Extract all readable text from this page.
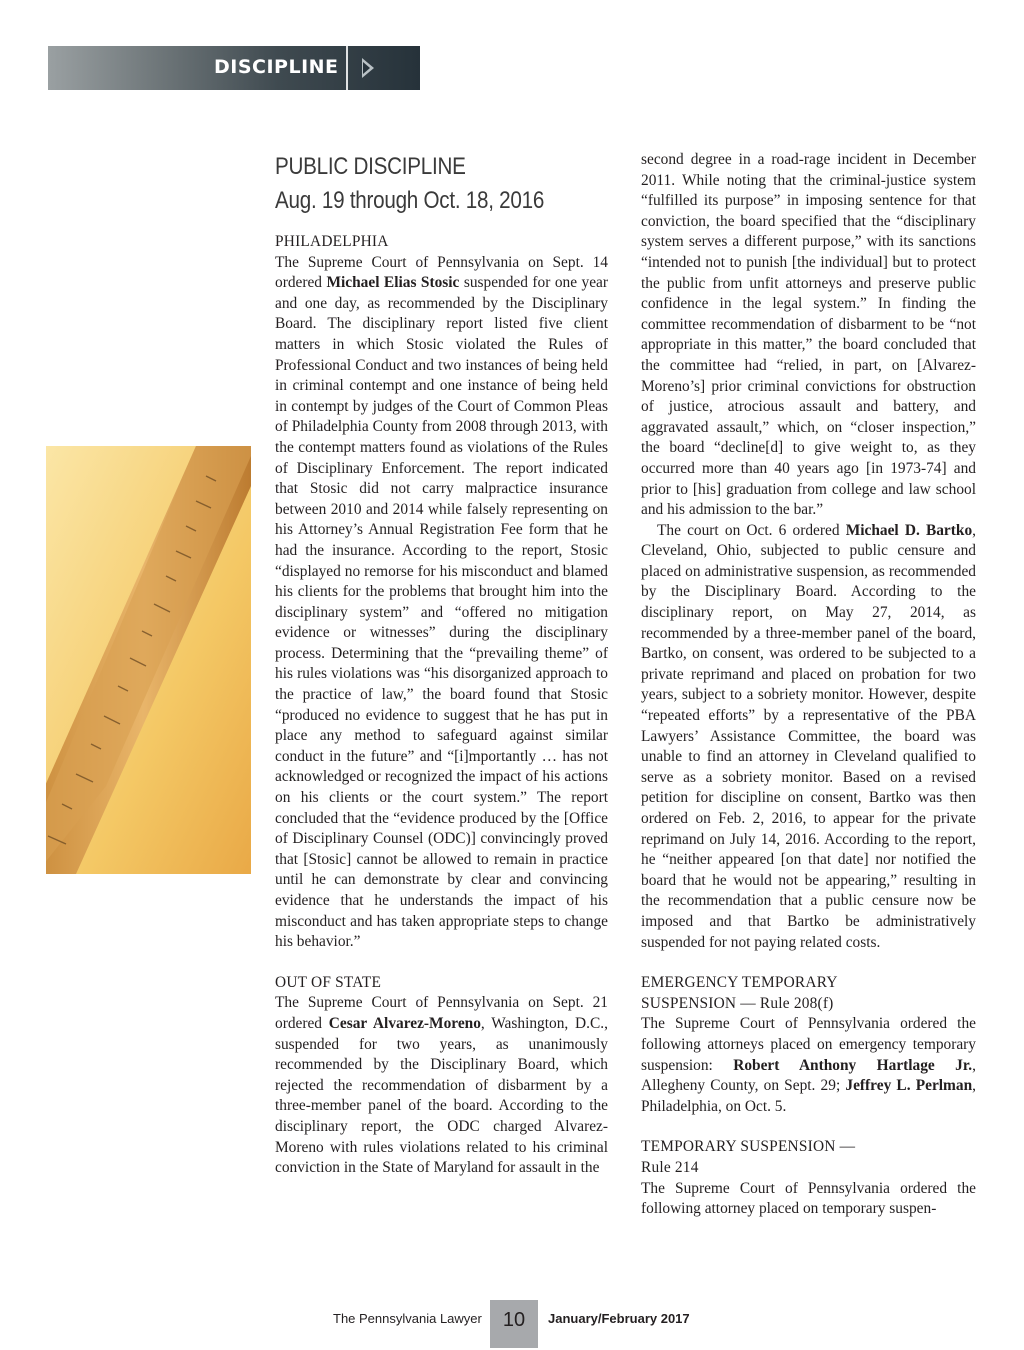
DISCIPLINE
PUBLIC DISCIPLINE
Aug. 19 through Oct. 18, 2016
PHILADELPHIA

The Supreme Court of Pennsylvania on Sept. 14 ordered Michael Elias Stosic suspended for one year and one day, as recommended by the Disciplinary Board. The disciplinary report listed five client matters in which Stosic violated the Rules of Professional Conduct and two instances of being held in criminal contempt and one instance of being held in contempt by judges of the Court of Common Pleas of Philadelphia County from 2008 through 2013, with the contempt matters found as violations of the Rules of Disciplinary Enforcement. The report indicated that Stosic did not carry malpractice insurance between 2010 and 2014 while falsely representing on his Attorney’s Annual Registration Fee form that he had the insurance. According to the report, Stosic “displayed no remorse for his misconduct and blamed his clients for the problems that brought him into the disciplinary system” and “offered no mitigation evidence or witnesses” during the disciplinary process. Determining that the “prevailing theme” of his rules violations was “his disorganized approach to the practice of law,” the board found that Stosic “produced no evidence to suggest that he has put in place any method to safeguard against similar conduct in the future” and “[i]mportantly … has not acknowledged or recognized the impact of his actions on his clients or the court system.” The report concluded that the “evidence produced by the [Office of Disciplinary Counsel (ODC)] convincingly proved that [Stosic] cannot be allowed to remain in practice until he can demonstrate by clear and convincing evidence that he understands the impact of his misconduct and has taken appropriate steps to change his behavior.”

OUT OF STATE

The Supreme Court of Pennsylvania on Sept. 21 ordered Cesar Alvarez-Moreno, Washington, D.C., suspended for two years, as unanimously recommended by the Disciplinary Board, which rejected the recommendation of disbarment by a three-member panel of the board. According to the disciplinary report, the ODC charged Alvarez-Moreno with rules violations related to his criminal conviction in the State of Maryland for assault in the

second degree in a road-rage incident in December 2011. While noting that the criminal-justice system “fulfilled its purpose” in imposing sentence for that conviction, the board specified that the “disciplinary system serves a different purpose,” with its sanctions “intended not to punish [the individual] but to protect the public from unfit attorneys and preserve public confidence in the legal system.” In finding the committee recommendation of disbarment to be “not appropriate in this matter,” the board concluded that the committee had “relied, in part, on [Alvarez-Moreno’s] prior criminal convictions for obstruction of justice, atrocious assault and battery, and aggravated assault,” which, on “closer inspection,” the board “decline[d] to give weight to, as they occurred more than 40 years ago [in 1973-74] and prior to [his] graduation from college and law school and his admission to the bar.”

The court on Oct. 6 ordered Michael D. Bartko, Cleveland, Ohio, subjected to public censure and placed on administrative suspension, as recommended by the Disciplinary Board. According to the disciplinary report, on May 27, 2014, as recommended by a three-member panel of the board, Bartko, on consent, was ordered to be subjected to a private reprimand and placed on probation for two years, subject to a sobriety monitor. However, despite “repeated efforts” by a representative of the PBA Lawyers’ Assistance Committee, the board was unable to find an attorney in Cleveland qualified to serve as a sobriety monitor. Based on a revised petition for discipline on consent, Bartko was then ordered on Feb. 2, 2016, to appear for the private reprimand on July 14, 2016. According to the report, he “neither appeared [on that date] nor notified the board that he would not be appearing,” resulting in the recommendation that a public censure now be imposed and that Bartko be administratively suspended for not paying related costs.

EMERGENCY TEMPORARY
SUSPENSION — Rule 208(f)

The Supreme Court of Pennsylvania ordered the following attorneys placed on emergency temporary suspension: Robert Anthony Hartlage Jr., Allegheny County, on Sept. 29; Jeffrey L. Perlman, Philadelphia, on Oct. 5.

TEMPORARY SUSPENSION —
Rule 214

The Supreme Court of Pennsylvania ordered the following attorney placed on temporary suspen-

The Pennsylvania Lawyer	10	January/February 2017
